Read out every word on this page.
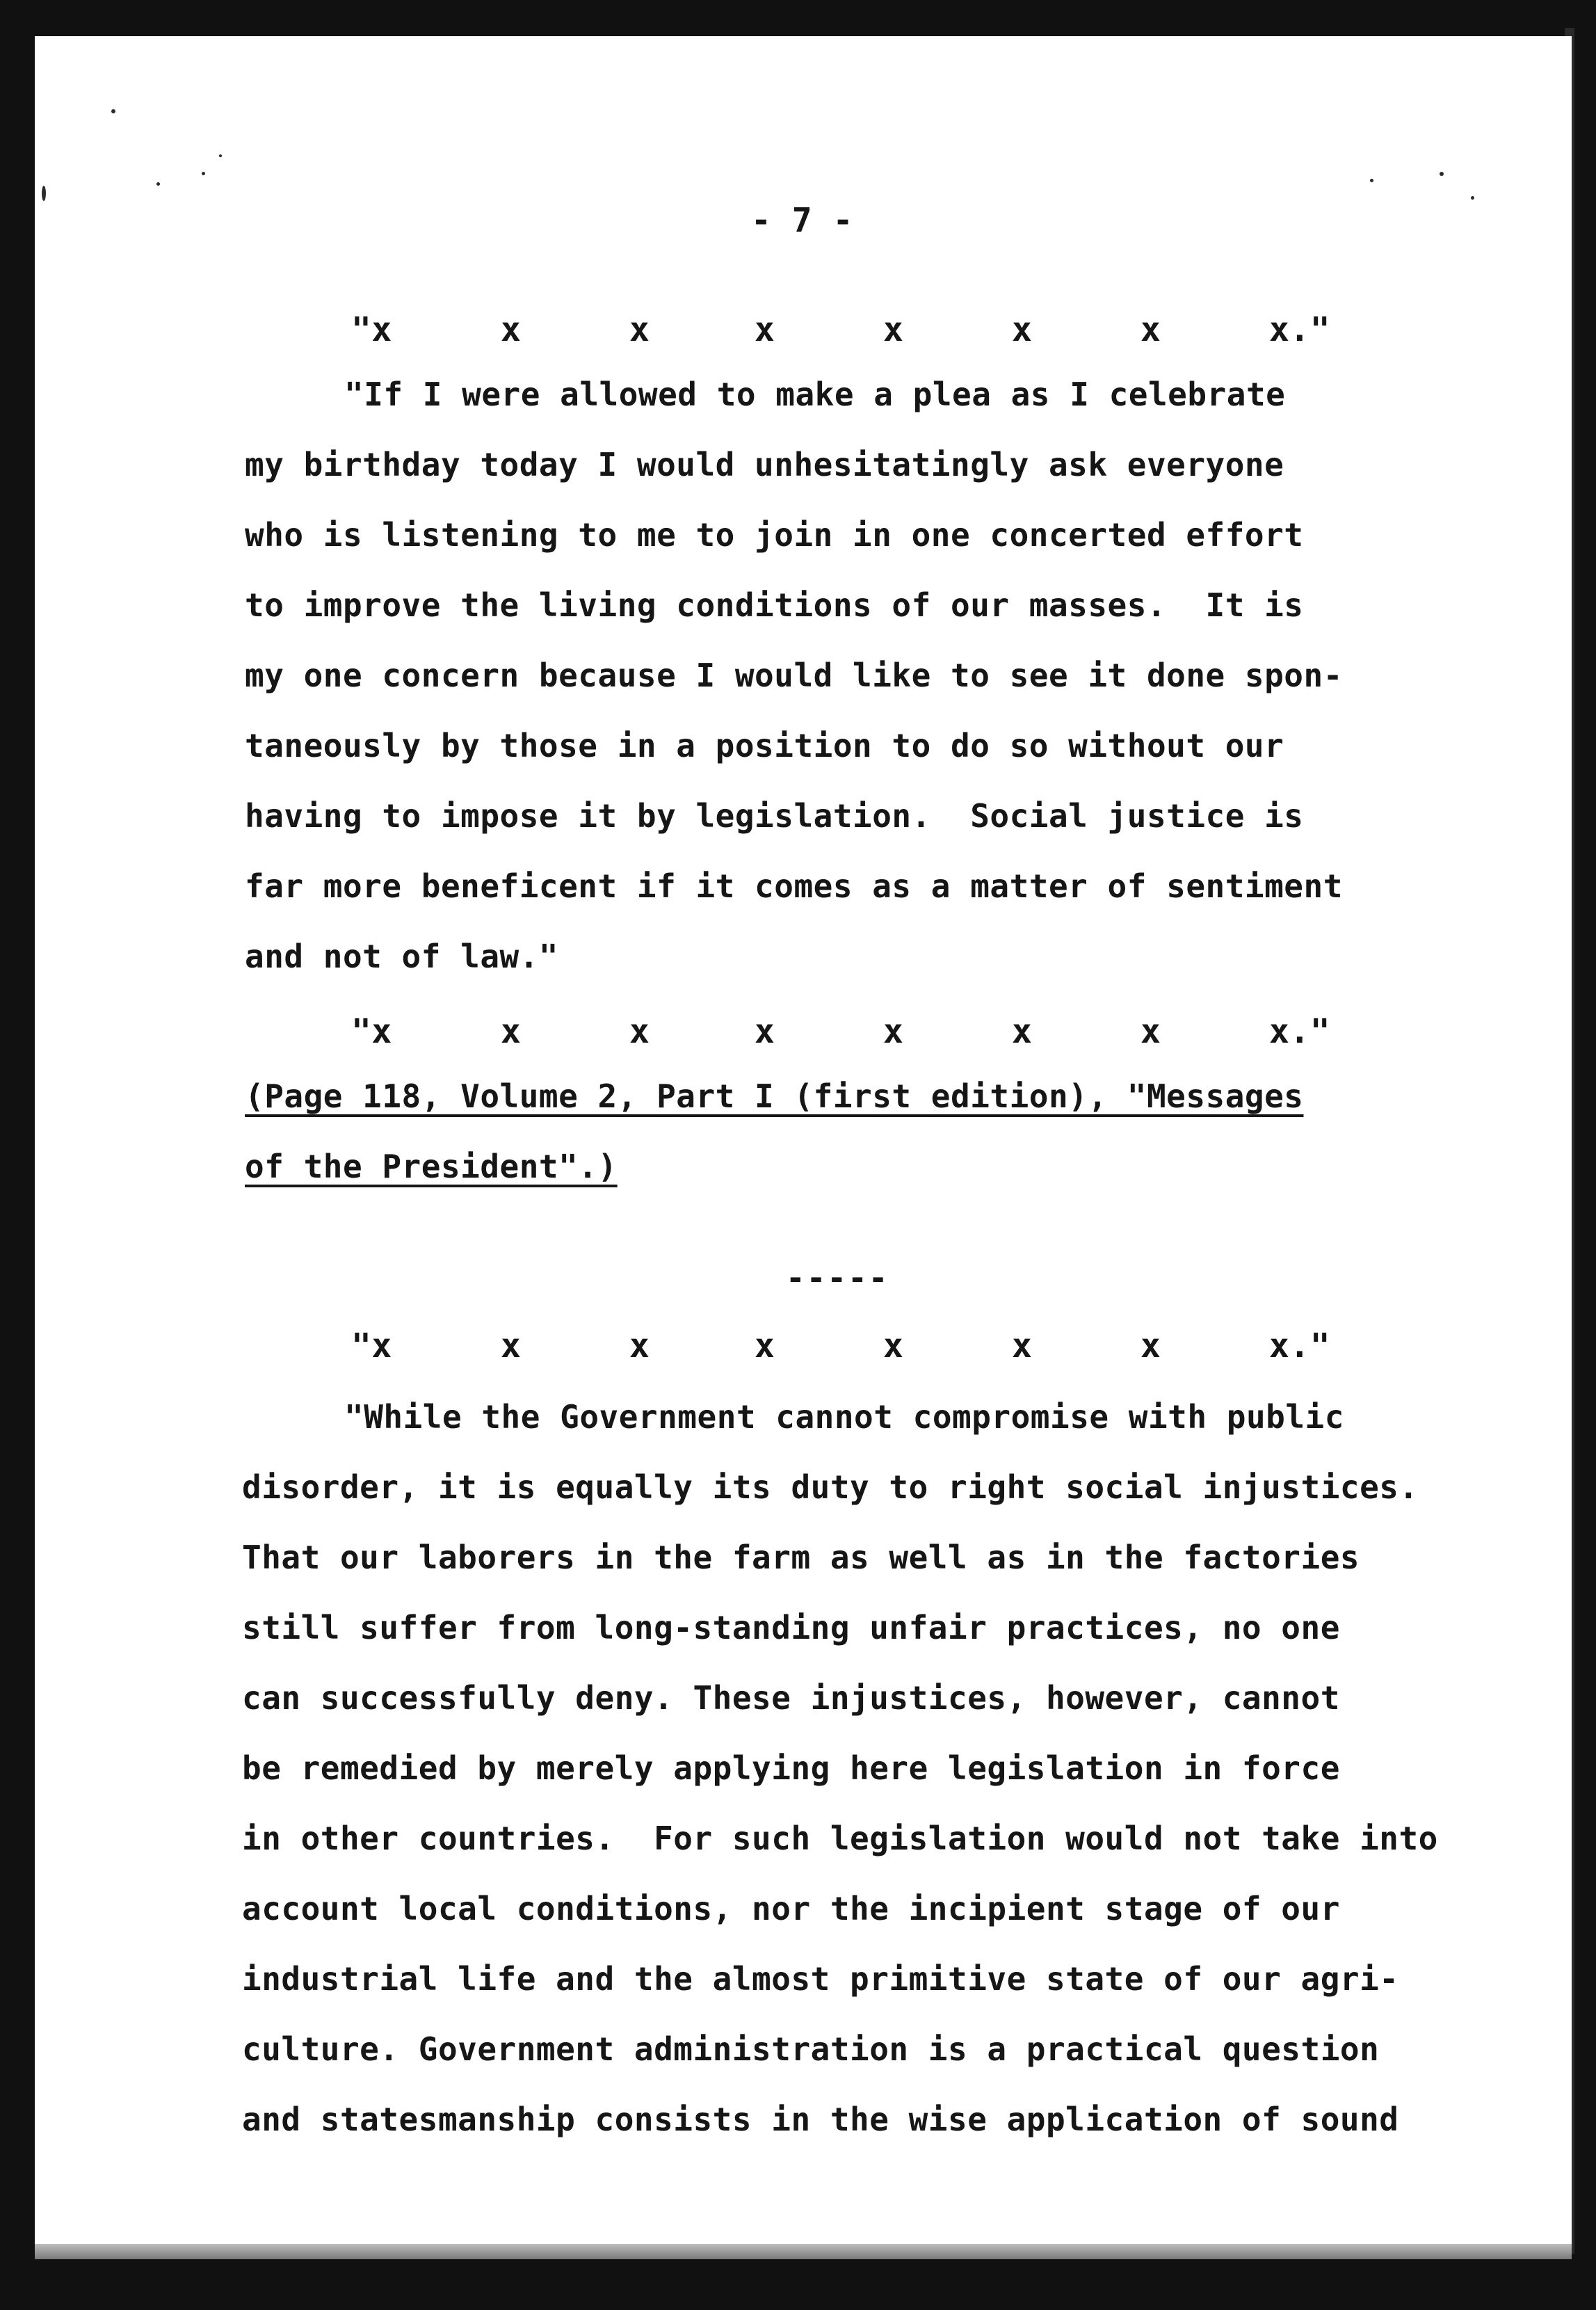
- 7 -
"x	x	x	x	x	x	x	x."
"If I were allowed to make a plea as I celebrate
my birthday today I would unhesitatingly ask everyone
who is listening to me to join in one concerted effort
to improve the living conditions of our masses.  It is
my one concern because I would like to see it done spon-
taneously by those in a position to do so without our
having to impose it by legislation.  Social justice is
far more beneficent if it comes as a matter of sentiment
and not of law."
"x	x	x	x	x	x	x	x."
(Page 118, Volume 2, Part I (first edition), "Messages
of the President".)
-----
"x	x	x	x	x	x	x	x."
"While the Government cannot compromise with public
disorder, it is equally its duty to right social injustices.
That our laborers in the farm as well as in the factories
still suffer from long-standing unfair practices, no one
can successfully deny. These injustices, however, cannot
be remedied by merely applying here legislation in force
in other countries.  For such legislation would not take into
account local conditions, nor the incipient stage of our
industrial life and the almost primitive state of our agri-
culture. Government administration is a practical question
and statesmanship consists in the wise application of sound
